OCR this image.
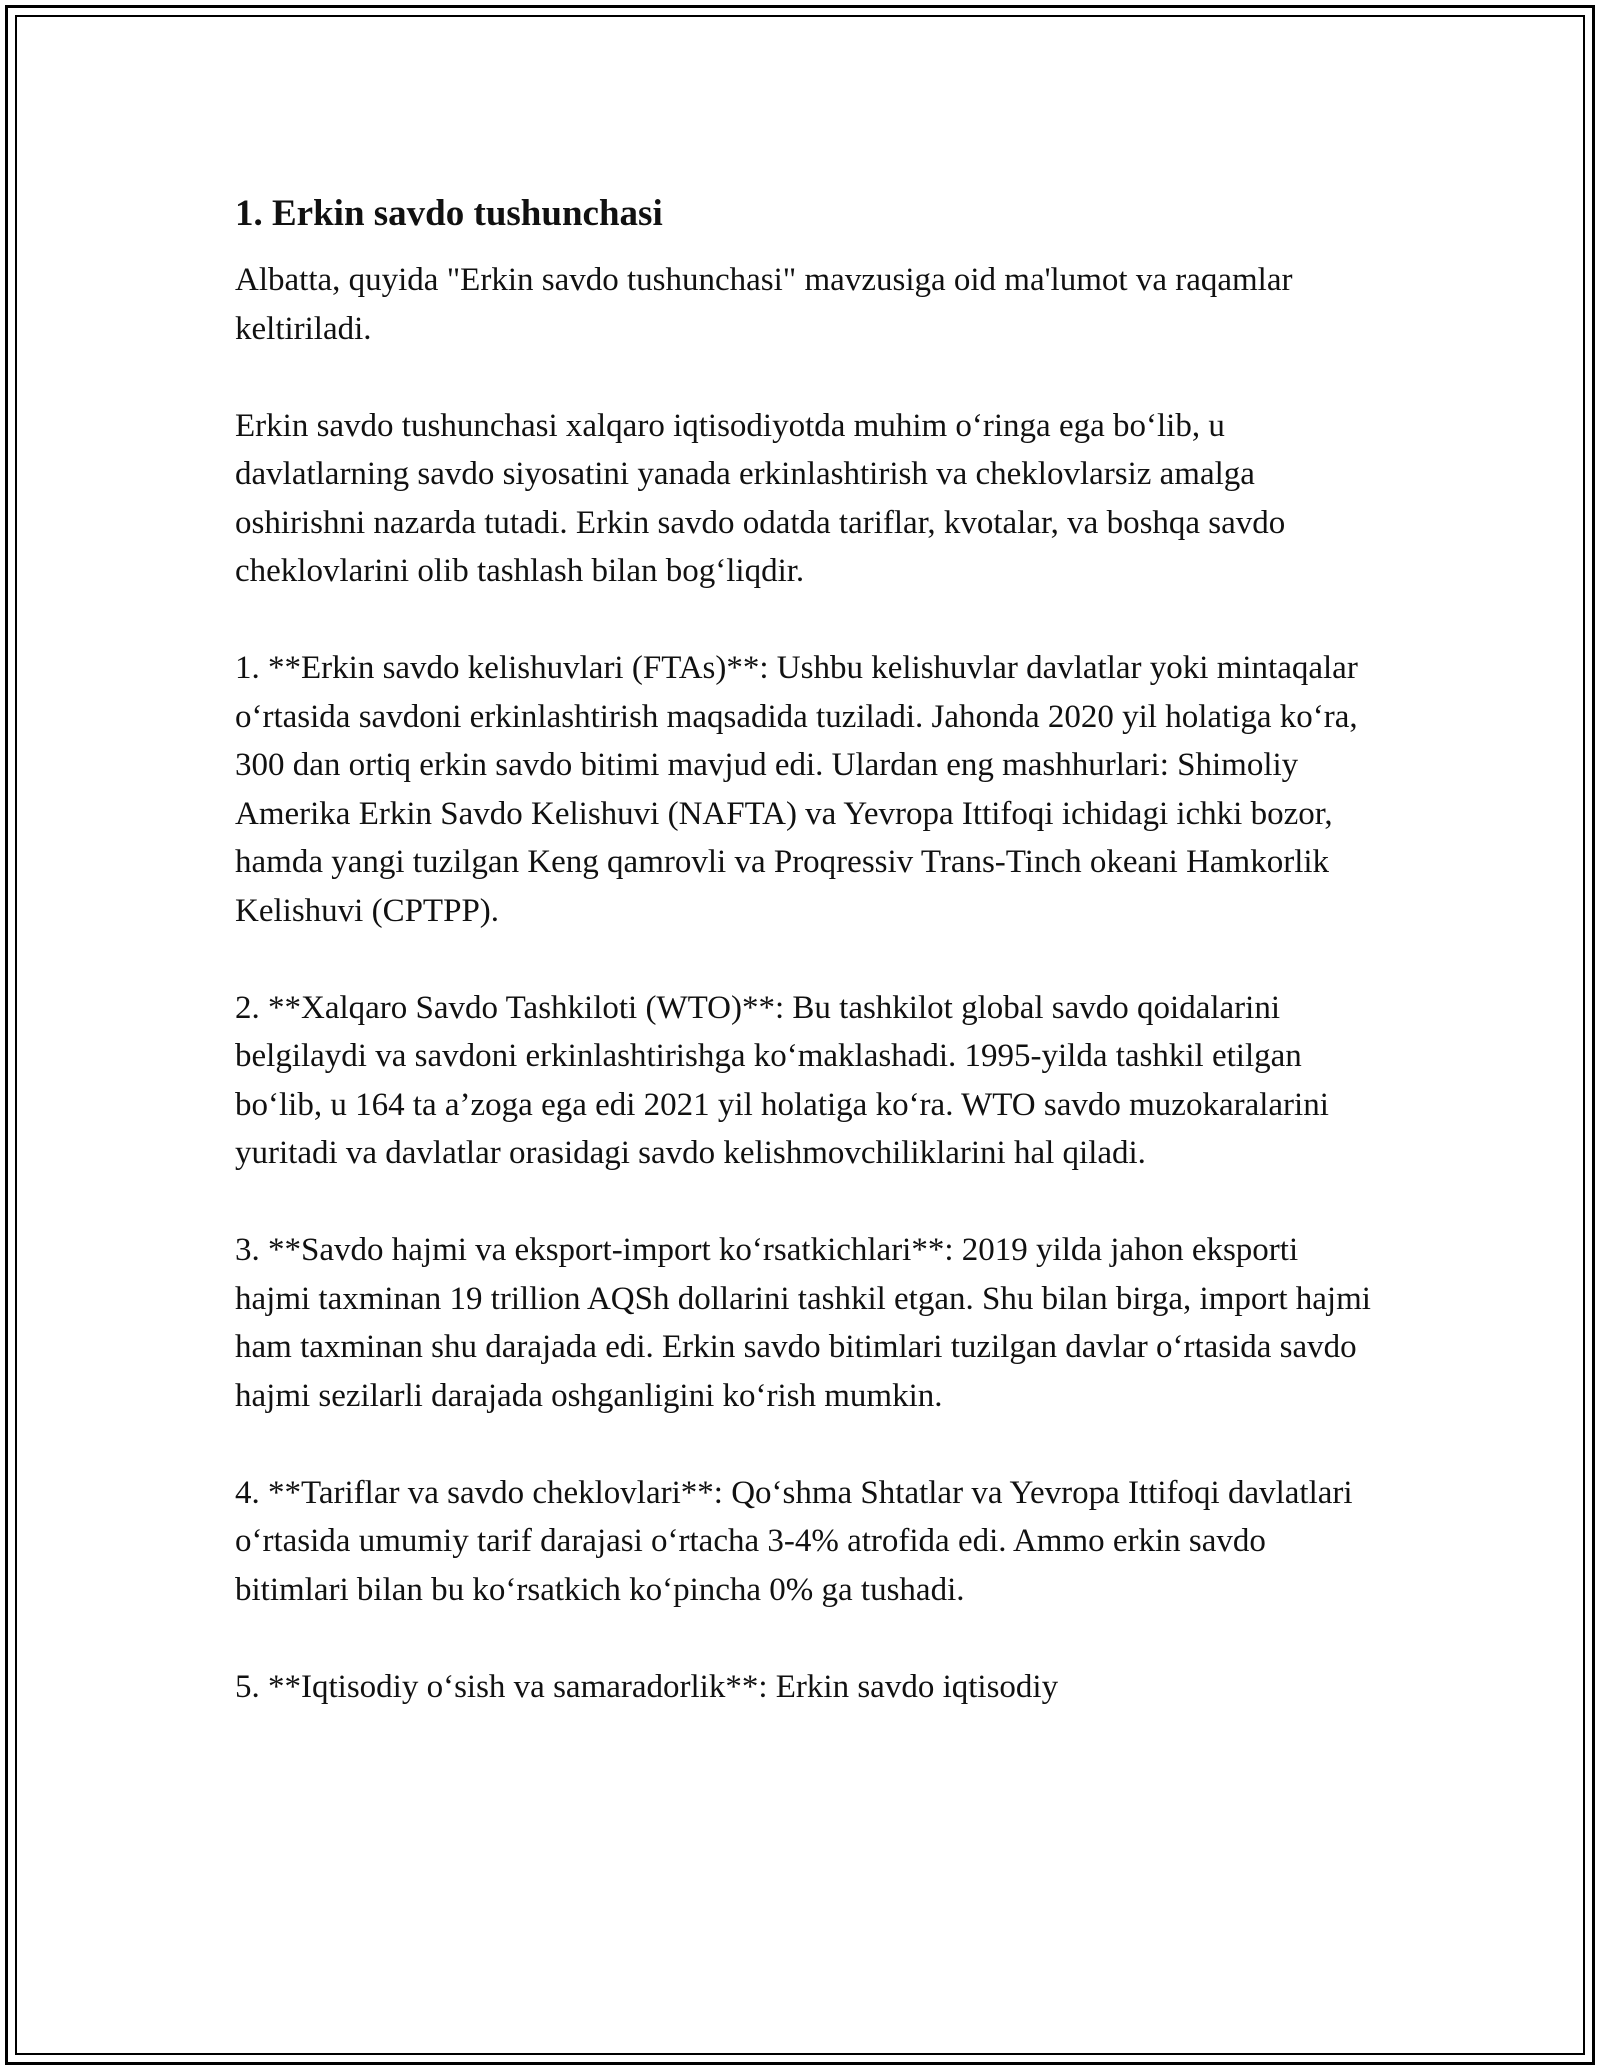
1. Erkin savdo tushunchasi

Albatta, quyida "Erkin savdo tushunchasi" mavzusiga oid ma'lumot va raqamlar keltiriladi.

Erkin savdo tushunchasi xalqaro iqtisodiyotda muhim oʻringa ega boʻlib, u davlatlarning savdo siyosatini yanada erkinlashtirish va cheklovlarsiz amalga oshirishni nazarda tutadi. Erkin savdo odatda tariflar, kvotalar, va boshqa savdo cheklovlarini olib tashlash bilan bogʻliqdir.

1. **Erkin savdo kelishuvlari (FTAs)**: Ushbu kelishuvlar davlatlar yoki mintaqalar oʻrtasida savdoni erkinlashtirish maqsadida tuziladi. Jahonda 2020 yil holatiga koʻra, 300 dan ortiq erkin savdo bitimi mavjud edi. Ulardan eng mashhurlari: Shimoliy Amerika Erkin Savdo Kelishuvi (NAFTA) va Yevropa Ittifoqi ichidagi ichki bozor, hamda yangi tuzilgan Keng qamrovli va Proqressiv Trans-Tinch okeani Hamkorlik Kelishuvi (CPTPP).

2. **Xalqaro Savdo Tashkiloti (WTO)**: Bu tashkilot global savdo qoidalarini belgilaydi va savdoni erkinlashtirishga koʻmaklashadi. 1995-yilda tashkil etilgan boʻlib, u 164 ta a’zoga ega edi 2021 yil holatiga koʻra. WTO savdo muzokaralarini yuritadi va davlatlar orasidagi savdo kelishmovchiliklarini hal qiladi.

3. **Savdo hajmi va eksport-import koʻrsatkichlari**: 2019 yilda jahon eksporti hajmi taxminan 19 trillion AQSh dollarini tashkil etgan. Shu bilan birga, import hajmi ham taxminan shu darajada edi. Erkin savdo bitimlari tuzilgan davlar oʻrtasida savdo hajmi sezilarli darajada oshganligini koʻrish mumkin.

4. **Tariflar va savdo cheklovlari**: Qoʻshma Shtatlar va Yevropa Ittifoqi davlatlari oʻrtasida umumiy tarif darajasi oʻrtacha 3-4% atrofida edi. Ammo erkin savdo bitimlari bilan bu koʻrsatkich koʻpincha 0% ga tushadi.

5. **Iqtisodiy oʻsish va samaradorlik**: Erkin savdo iqtisodiy
